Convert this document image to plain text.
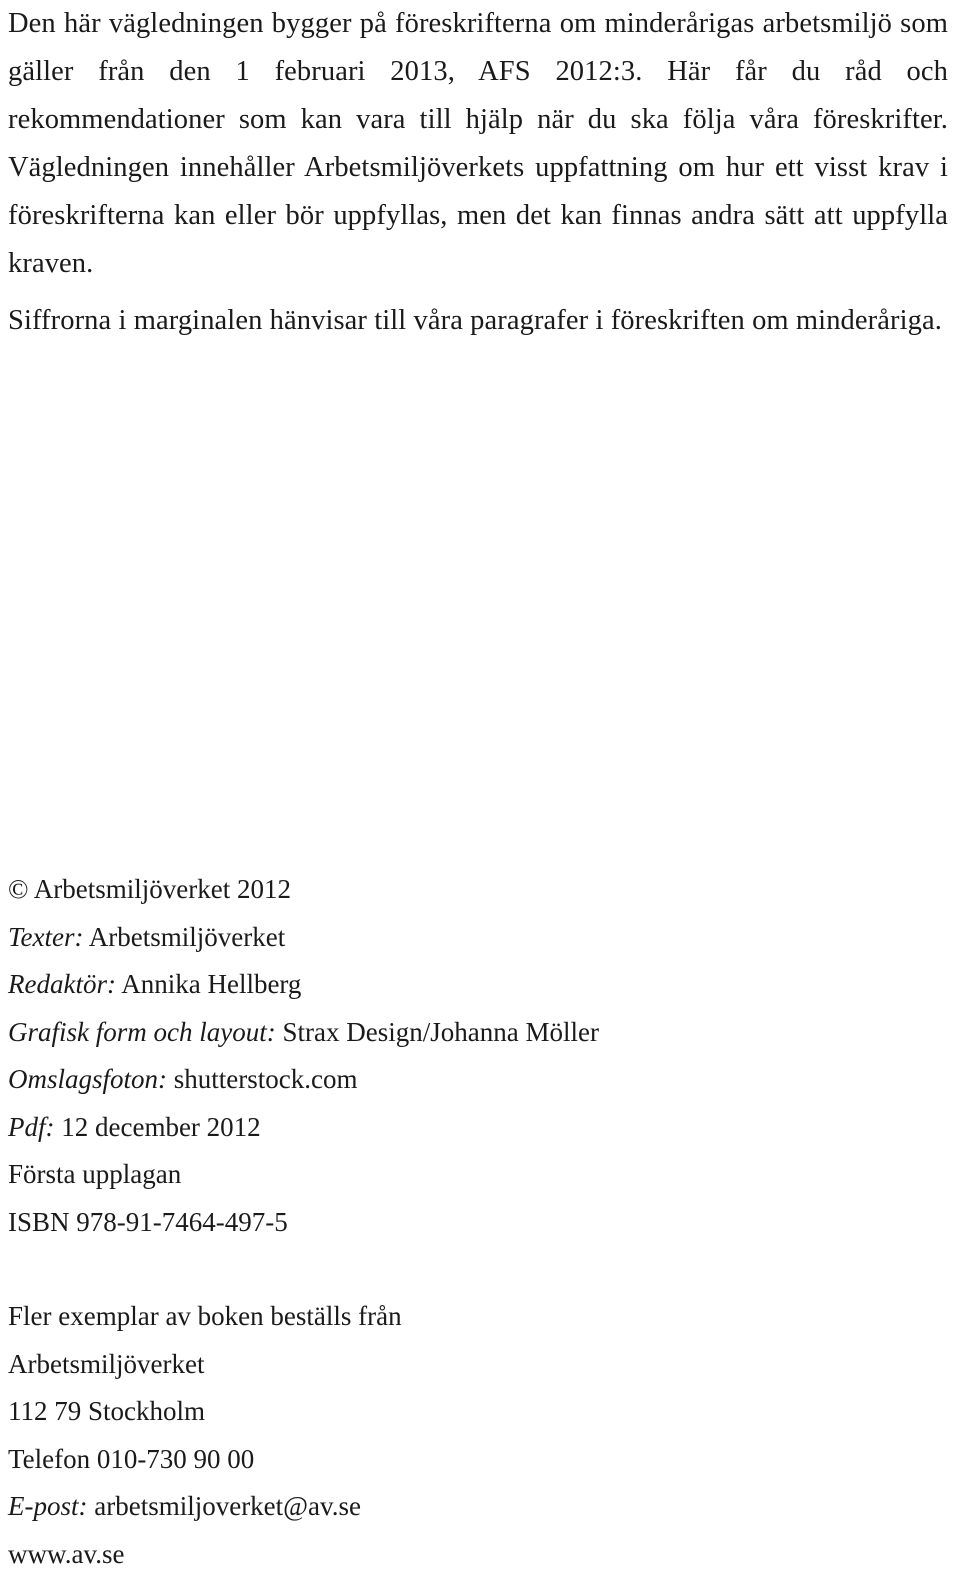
Den här vägledningen bygger på föreskrifterna om minderårigas arbetsmiljö som gäller från den 1 februari 2013, AFS 2012:3. Här får du råd och rekommendationer som kan vara till hjälp när du ska följa våra föreskrifter. Vägledningen innehåller Arbetsmiljöverkets uppfattning om hur ett visst krav i föreskrifterna kan eller bör uppfyllas, men det kan finnas andra sätt att uppfylla kraven.

Siffrorna i marginalen hänvisar till våra paragrafer i föreskriften om minderåriga.

© Arbetsmiljöverket 2012
Texter: Arbetsmiljöverket
Redaktör: Annika Hellberg
Grafisk form och layout: Strax Design/Johanna Möller
Omslagsfoton: shutterstock.com
Pdf: 12 december 2012
Första upplagan
ISBN 978-91-7464-497-5
Fler exemplar av boken beställs från
Arbetsmiljöverket
112 79 Stockholm
Telefon 010-730 90 00
E-post: arbetsmiljoverket@av.se
www.av.se
